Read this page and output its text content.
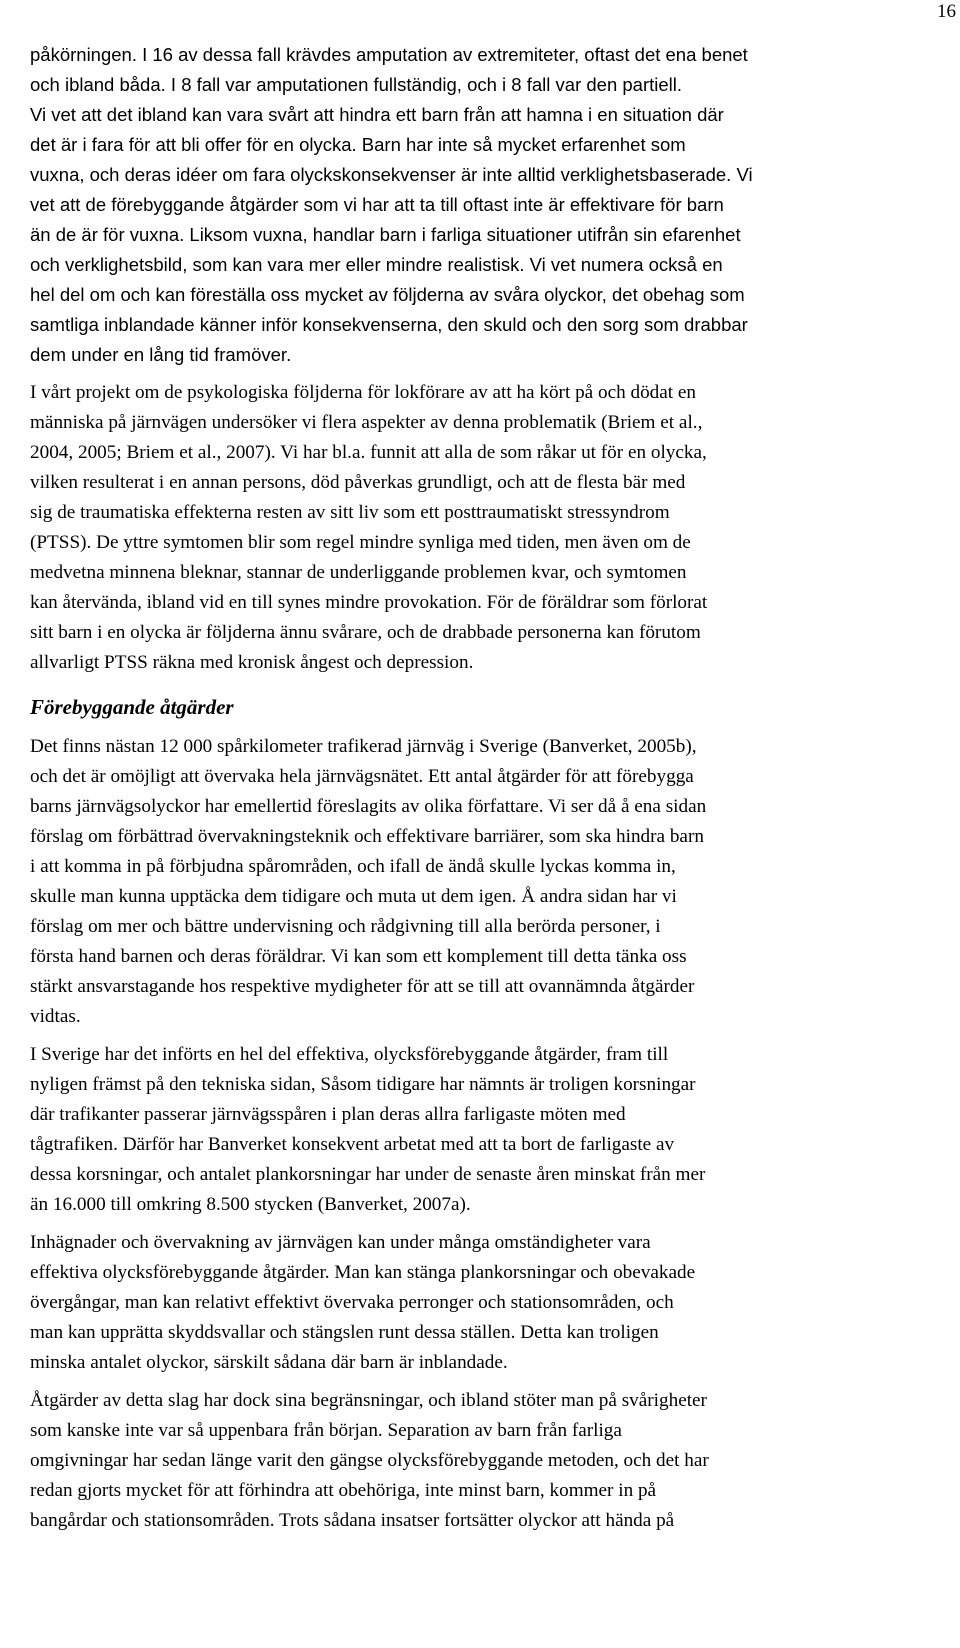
16

påkörningen. I 16 av dessa fall krävdes amputation av extremiteter, oftast det ena benet
och ibland båda. I 8 fall var amputationen fullständig, och i 8 fall var den partiell.
Vi vet att det ibland kan vara svårt att hindra ett barn från att hamna i en situation där
det är i fara för att bli offer för en olycka. Barn har inte så mycket erfarenhet som
vuxna, och deras idéer om fara olyckskonsekvenser är inte alltid verklighetsbaserade. Vi
vet att de förebyggande åtgärder som vi har att ta till oftast inte är effektivare för barn
än de är för vuxna. Liksom vuxna, handlar barn i farliga situationer utifrån sin efarenhet
och verklighetsbild, som kan vara mer eller mindre realistisk. Vi vet numera också en
hel del om och kan föreställa oss mycket av följderna av svåra olyckor, det obehag som
samtliga inblandade känner inför konsekvenserna, den skuld och den sorg som drabbar
dem under en lång tid framöver.

I vårt projekt om de psykologiska följderna för lokförare av att ha kört på och dödat en
människa på järnvägen undersöker vi flera aspekter av denna problematik (Briem et al.,
2004, 2005; Briem et al., 2007). Vi har bl.a. funnit att alla de som råkar ut för en olycka,
vilken resulterat i en annan persons, död påverkas grundligt, och att de flesta bär med
sig de traumatiska effekterna resten av sitt liv som ett posttraumatiskt stressyndrom
(PTSS). De yttre symtomen blir som regel mindre synliga med tiden, men även om de
medvetna minnena bleknar, stannar de underliggande problemen kvar, och symtomen
kan återvända, ibland vid en till synes mindre provokation. För de föräldrar som förlorat
sitt barn i en olycka är följderna ännu svårare, och de drabbade personerna kan förutom
allvarligt PTSS räkna med kronisk ångest och depression.

Förebyggande åtgärder

Det finns nästan 12 000 spårkilometer trafikerad järnväg i Sverige (Banverket, 2005b),
och det är omöjligt att övervaka hela järnvägsnätet. Ett antal åtgärder för att förebygga
barns järnvägsolyckor har emellertid föreslagits av olika författare. Vi ser då å ena sidan
förslag om förbättrad övervakningsteknik och effektivare barriärer, som ska hindra barn
i att komma in på förbjudna spårområden, och ifall de ändå skulle lyckas komma in,
skulle man kunna upptäcka dem tidigare och muta ut dem igen. Å andra sidan har vi
förslag om mer och bättre undervisning och rådgivning till alla berörda personer, i
första hand barnen och deras föräldrar. Vi kan som ett komplement till detta tänka oss
stärkt ansvarstagande hos respektive mydigheter för att se till att ovannämnda åtgärder
vidtas.

I Sverige har det införts en hel del effektiva, olycksförebyggande åtgärder, fram till
nyligen främst på den tekniska sidan, Såsom tidigare har nämnts är troligen korsningar
där trafikanter passerar järnvägsspåren i plan deras allra farligaste möten med
tågtrafiken. Därför har Banverket konsekvent arbetat med att ta bort de farligaste av
dessa korsningar, och antalet plankorsningar har under de senaste åren minskat från mer
än 16.000 till omkring 8.500 stycken (Banverket, 2007a).

Inhägnader och övervakning av järnvägen kan under många omständigheter vara
effektiva olycksförebyggande åtgärder. Man kan stänga plankorsningar och obevakade
övergångar, man kan relativt effektivt övervaka perronger och stationsområden, och
man kan upprätta skyddsvallar och stängslen runt dessa ställen. Detta kan troligen
minska antalet olyckor, särskilt sådana där barn är inblandade.

Åtgärder av detta slag har dock sina begränsningar, och ibland stöter man på svårigheter
som kanske inte var så uppenbara från början. Separation av barn från farliga
omgivningar har sedan länge varit den gängse olycksförebyggande metoden, och det har
redan gjorts mycket för att förhindra att obehöriga, inte minst barn, kommer in på
bangårdar och stationsområden. Trots sådana insatser fortsätter olyckor att hända på
